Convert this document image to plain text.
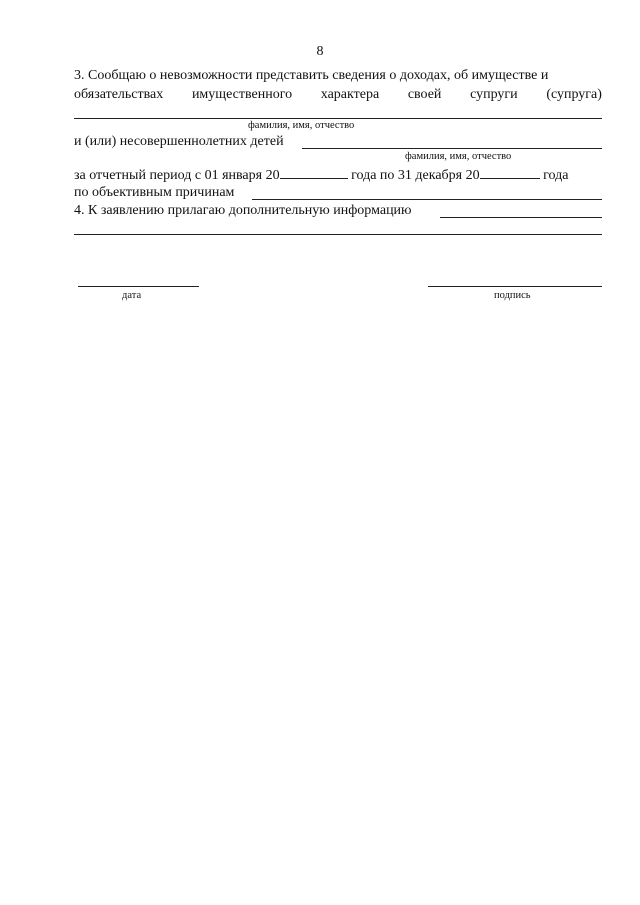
8
3. Сообщаю о невозможности представить сведения о доходах, об имуществе и
обязательствах имущественного характера своей супруги (супруга)
фамилия, имя, отчество
и (или) несовершеннолетних детей
фамилия, имя, отчество
за отчетный период с 01 января 20	года по 31 декабря 20	года
по объективным причинам
4. К заявлению прилагаю дополнительную информацию
дата	подпись
